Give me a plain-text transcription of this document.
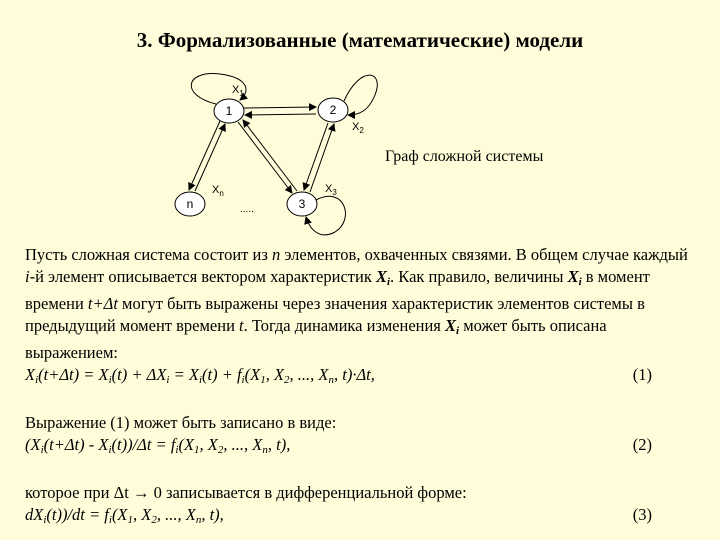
3. Формализованные (математические) модели
1	2
3
n
$X_1$
$X_2$
$X_3$
$X_n$
.....
Граф сложной системы

Пусть сложная система состоит из n элементов, охваченных связями. В общем случае каждый i-й элемент описывается вектором характеристик $X_i$. Как правило, величины $X_i$ в момент времени t+Δt могут быть выражены через значения характеристик элементов системы в предыдущий момент времени t. Тогда динамика изменения $X_i$ может быть описана выражением:

$X_i(t+\Delta t) = X_i(t) + \Delta X_i = X_i(t) + f_i(X_1$, $X_2$, ..., $X_n$, t)·Δt,	(1)

Выражение (1) может быть записано в виде:

$(X_i(t+\Delta t) - X_i(t))/\Delta t = f_i(X_1$, $X_2$, ..., $X_n$, t),	(2)

которое при Δt → 0 записывается в дифференциальной форме:

$dX_i(t))/dt = f_i(X_1$, $X_2$, ..., $X_n$, t),	(3)
